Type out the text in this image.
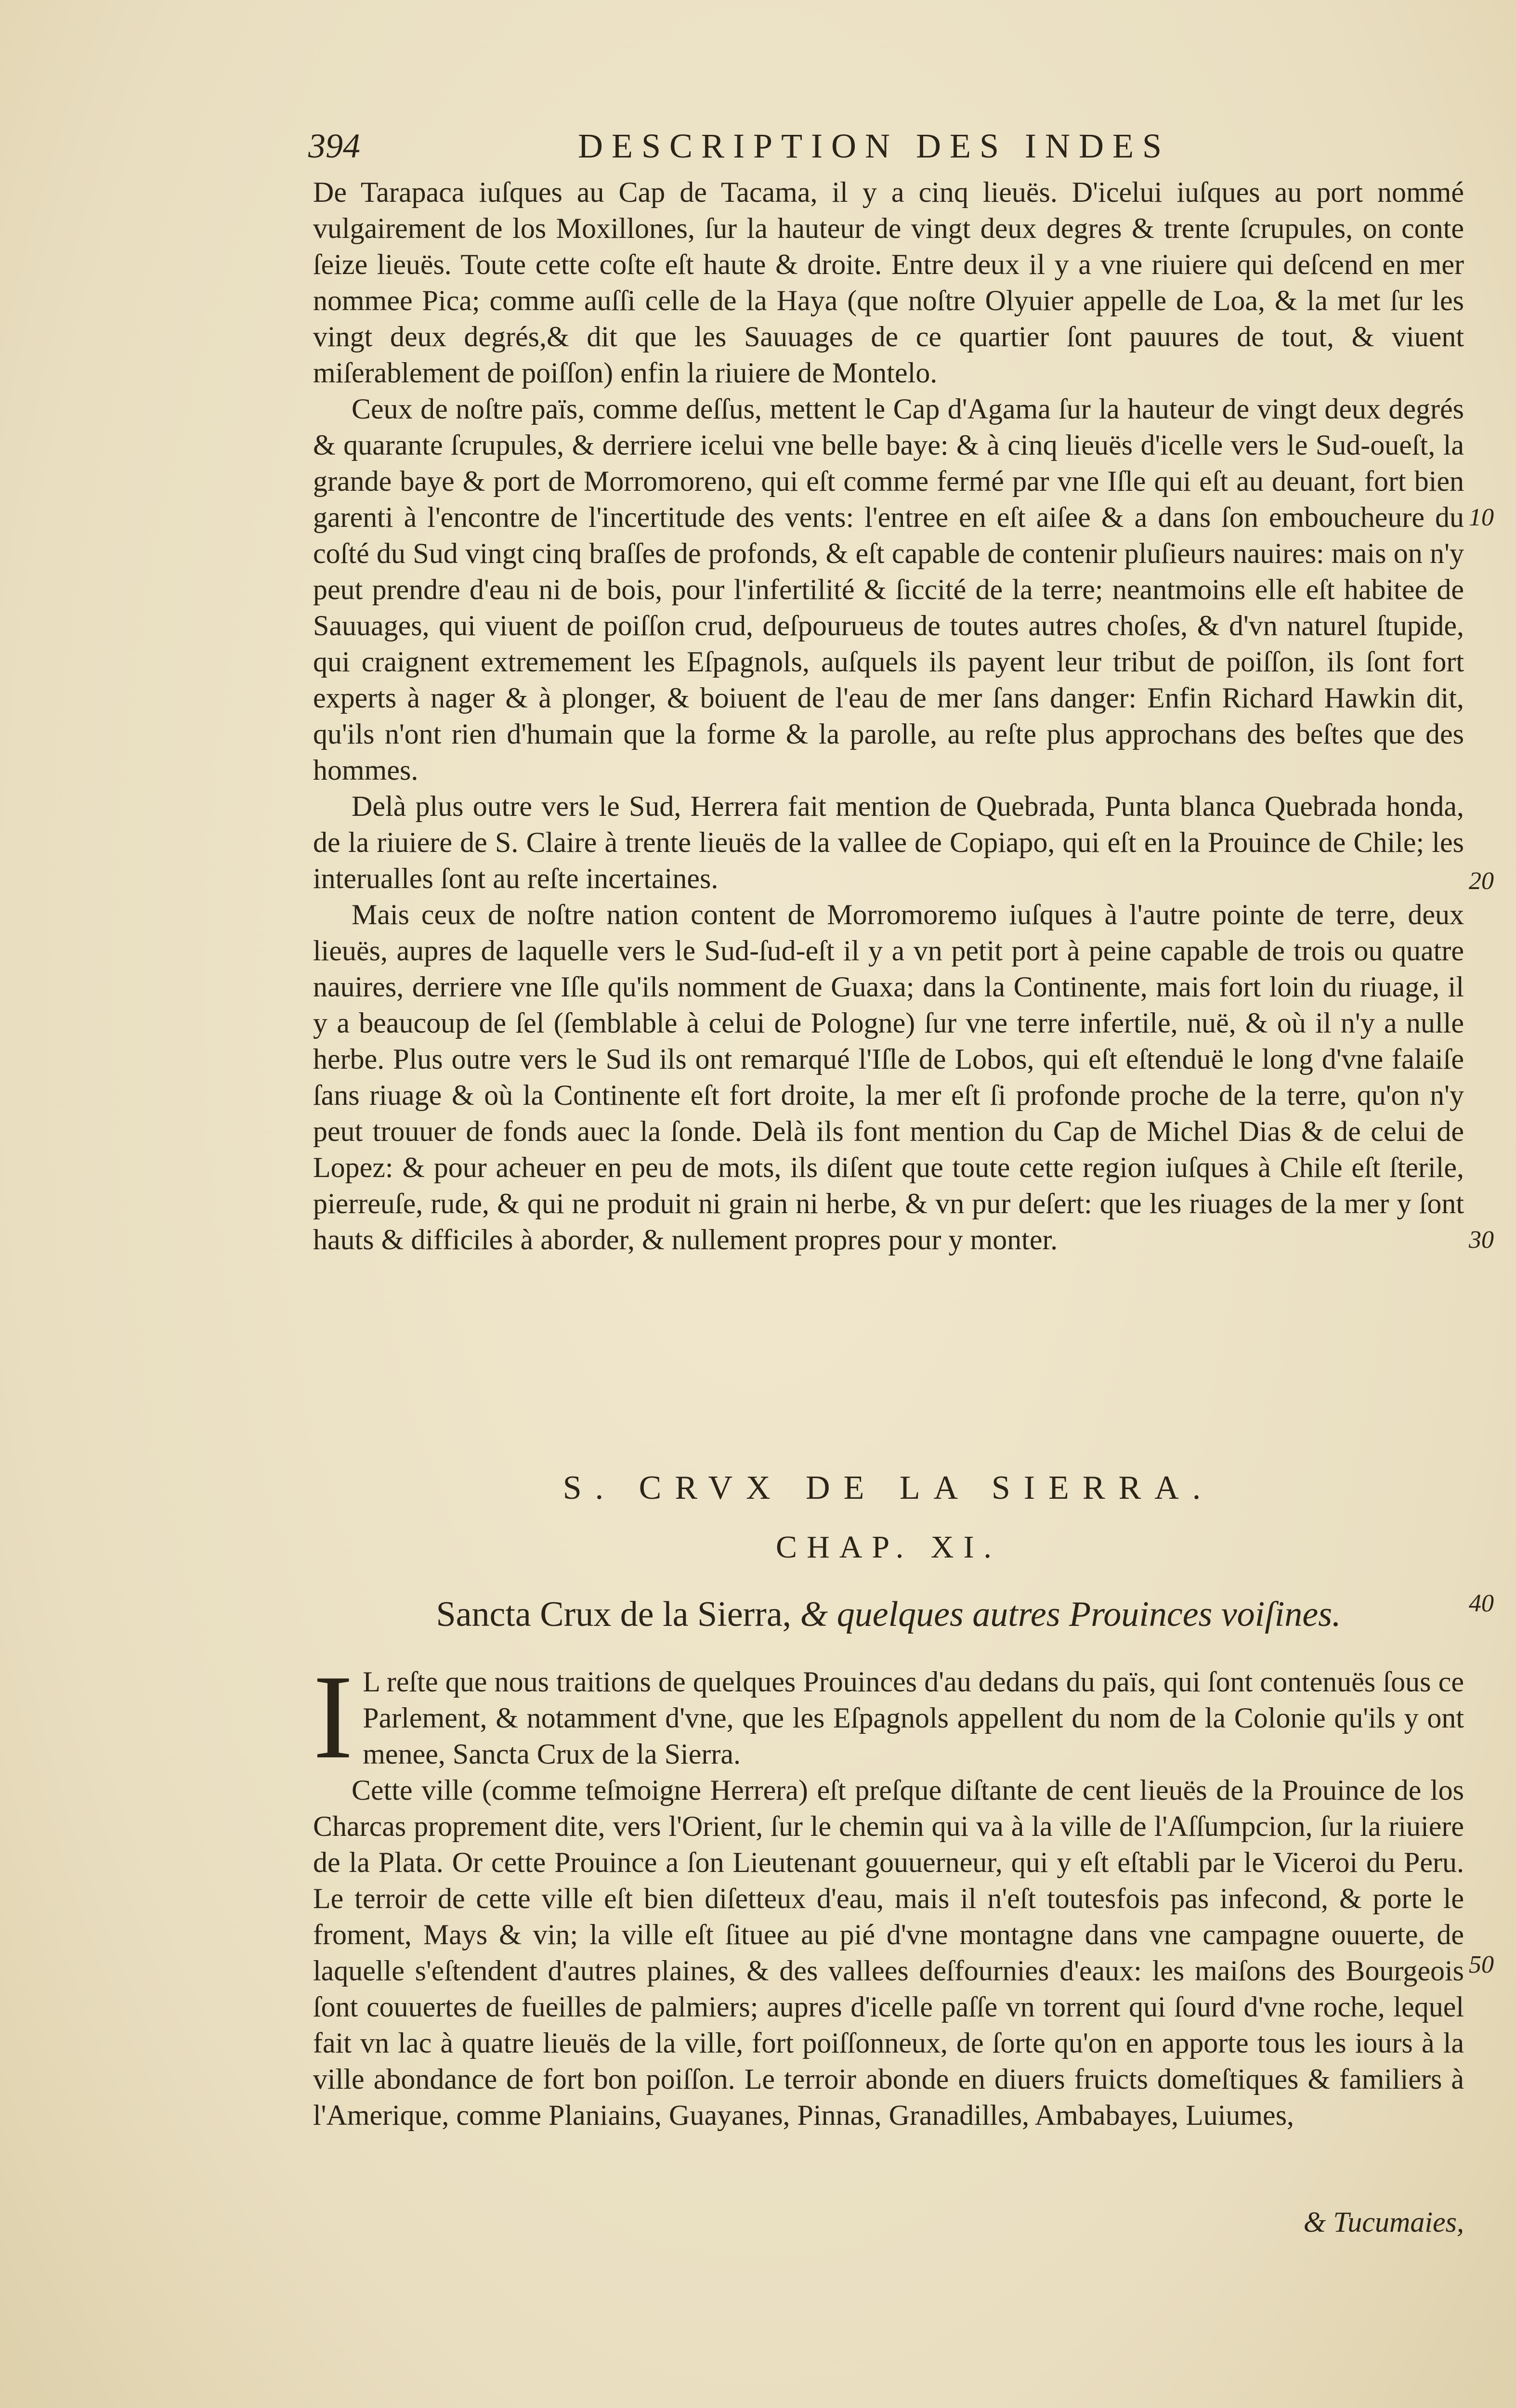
394	DESCRIPTION DES INDES

De Tarapaca iuſques au Cap de Tacama, il y a cinq lieuës. D'icelui iuſques au port nommé vulgairement de los Moxillones, ſur la hauteur de vingt deux degres & trente ſcrupules, on conte ſeize lieuës. Toute cette coſte eſt haute & droite. Entre deux il y a vne riuiere qui deſcend en mer nommee Pica; comme auſſi celle de la Haya (que noſtre Olyuier appelle de Loa, & la met ſur les vingt deux degrés,& dit que les Sauuages de ce quartier ſont pauures de tout, & viuent miſerablement de poiſſon) enfin la riuiere de Montelo.

Ceux de noſtre païs, comme deſſus, mettent le Cap d'Agama ſur la hauteur de vingt deux degrés & quarante ſcrupules, & derriere icelui vne belle baye: & à cinq lieuës d'icelle vers le Sud-oueſt, la grande baye & port de Morromoreno, qui eſt comme fermé par vne Iſle qui eſt au deuant, fort bien garenti à l'encontre de l'incertitude des vents: l'entree en eſt aiſee & a dans ſon embouchеure du coſté du Sud vingt cinq braſſes de profonds, & eſt capable de contenir pluſieurs nauires: mais on n'y peut prendre d'eau ni de bois, pour l'infertilité & ſiccité de la terre; neantmoins elle eſt habitee de Sauuages, qui viuent de poiſſon crud, deſpourueus de toutes autres choſes, & d'vn naturel ſtupide, qui craignent extremement les Eſpagnols, auſquels ils payent leur tribut de poiſſon, ils ſont fort experts à nager & à plonger, & boiuent de l'eau de mer ſans danger: Enfin Richard Hawkin dit, qu'ils n'ont rien d'humain que la forme & la parolle, au reſte plus approchans des beſtes que des hommes.

Delà plus outre vers le Sud, Herrera fait mention de Quebrada, Punta blanca Quebrada honda, de la riuiere de S. Claire à trente lieuës de la vallee de Copiapo, qui eſt en la Prouince de Chile; les interualles ſont au reſte incertaines.

Mais ceux de noſtre nation content de Morromoremo iuſques à l'autre pointe de terre, deux lieuës, aupres de laquelle vers le Sud-ſud-eſt il y a vn petit port à peine capable de trois ou quatre nauires, derriere vne Iſle qu'ils nomment de Guaxa; dans la Continente, mais fort loin du riuage, il y a beaucoup de ſel (ſemblable à celui de Pologne) ſur vne terre infertile, nuë, & où il n'y a nulle herbe. Plus outre vers le Sud ils ont remarqué l'Iſle de Lobos, qui eſt eſtenduë le long d'vne falaiſe ſans riuage & où la Continente eſt fort droite, la mer eſt ſi profonde proche de la terre, qu'on n'y peut trouuer de fonds auec la ſonde. Delà ils font mention du Cap de Michel Dias & de celui de Lopez: & pour acheuer en peu de mots, ils diſent que toute cette region iuſques à Chile eſt ſterile, pierreuſe, rude, & qui ne produit ni grain ni herbe, & vn pur deſert: que les riuages de la mer y ſont hauts & difficiles à aborder, & nullement propres pour y monter.

S. CRVX DE LA SIERRA.
CHAP. XI.
Sancta Crux de la Sierra, & quelques autres Prouinces voiſines.

I L reſte que nous traitions de quelques Prouinces d'au dedans du païs, qui ſont contenuës ſous ce Parlement, & notamment d'vne, que les Eſpagnols appellent du nom de la Colonie qu'ils y ont menee, Sancta Crux de la Sierra.

Cette ville (comme teſmoigne Herrera) eſt preſque diſtante de cent lieuës de la Prouince de los Charcas proprement dite, vers l'Orient, ſur le chemin qui va à la ville de l'Aſſumpcion, ſur la riuiere de la Plata. Or cette Prouince a ſon Lieutenant gouuerneur, qui y eſt eſtabli par le Viceroi du Peru. Le terroir de cette ville eſt bien diſetteux d'eau, mais il n'eſt toutesfois pas infecond, & porte le froment, Mays & vin; la ville eſt ſituee au pié d'vne montagne dans vne campagne ouuerte, de laquelle s'eſtendent d'autres plaines, & des vallees deſfournies d'eaux: les maiſons des Bourgeois ſont couuertes de fueilles de palmiers; aupres d'icelle paſſe vn torrent qui ſourd d'vne roche, lequel fait vn lac à quatre lieuës de la ville, fort poiſſonneux, de ſorte qu'on en apporte tous les iours à la ville abondance de fort bon poiſſon. Le terroir abonde en diuers fruicts domeſtiques & familiers à l'Amerique, comme Planiains, Guayanes, Pinnas, Granadilles, Ambabayes, Luiumes,

& Tucumaies,
10
20
30
40
50
